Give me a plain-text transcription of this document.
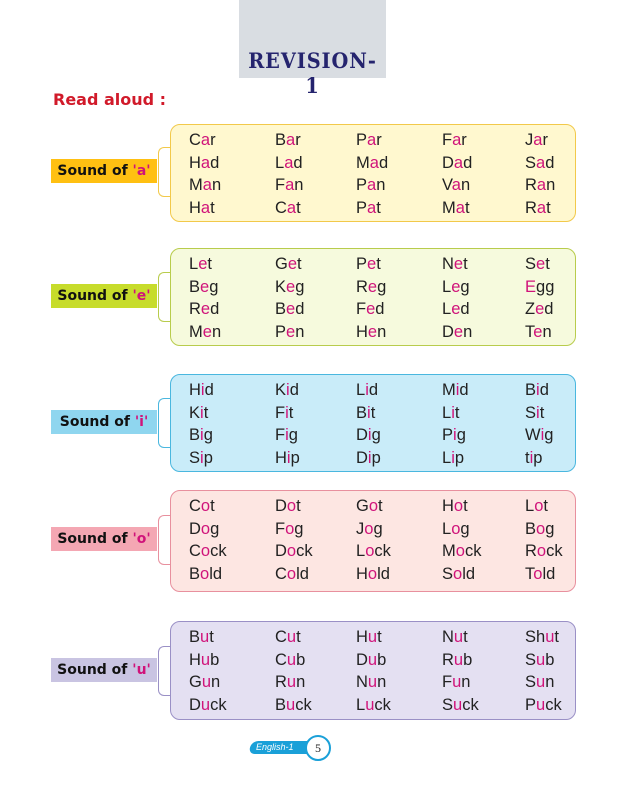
REVISION-1
Read aloud :
Sound of 'a'
Car	Bar	Par	Far	Jar
Had	Lad	Mad	Dad	Sad
Man	Fan	Pan	Van	Ran
Hat	Cat	Pat	Mat	Rat
Sound of 'e'
Let	Get	Pet	Net	Set
Beg	Keg	Reg	Leg	Egg
Red	Bed	Fed	Led	Zed
Men	Pen	Hen	Den	Ten
Sound of 'i'
Hid	Kid	Lid	Mid	Bid
Kit	Fit	Bit	Lit	Sit
Big	Fig	Dig	Pig	Wig
Sip	Hip	Dip	Lip	tip
Sound of 'o'
Cot	Dot	Got	Hot	Lot
Dog	Fog	Jog	Log	Bog
Cock	Dock	Lock	Mock	Rock
Bold	Cold	Hold	Sold	Told
Sound of 'u'
But	Cut	Hut	Nut	Shut
Hub	Cub	Dub	Rub	Sub
Gun	Run	Nun	Fun	Sun
Duck	Buck	Luck	Suck	Puck
English-1	5
